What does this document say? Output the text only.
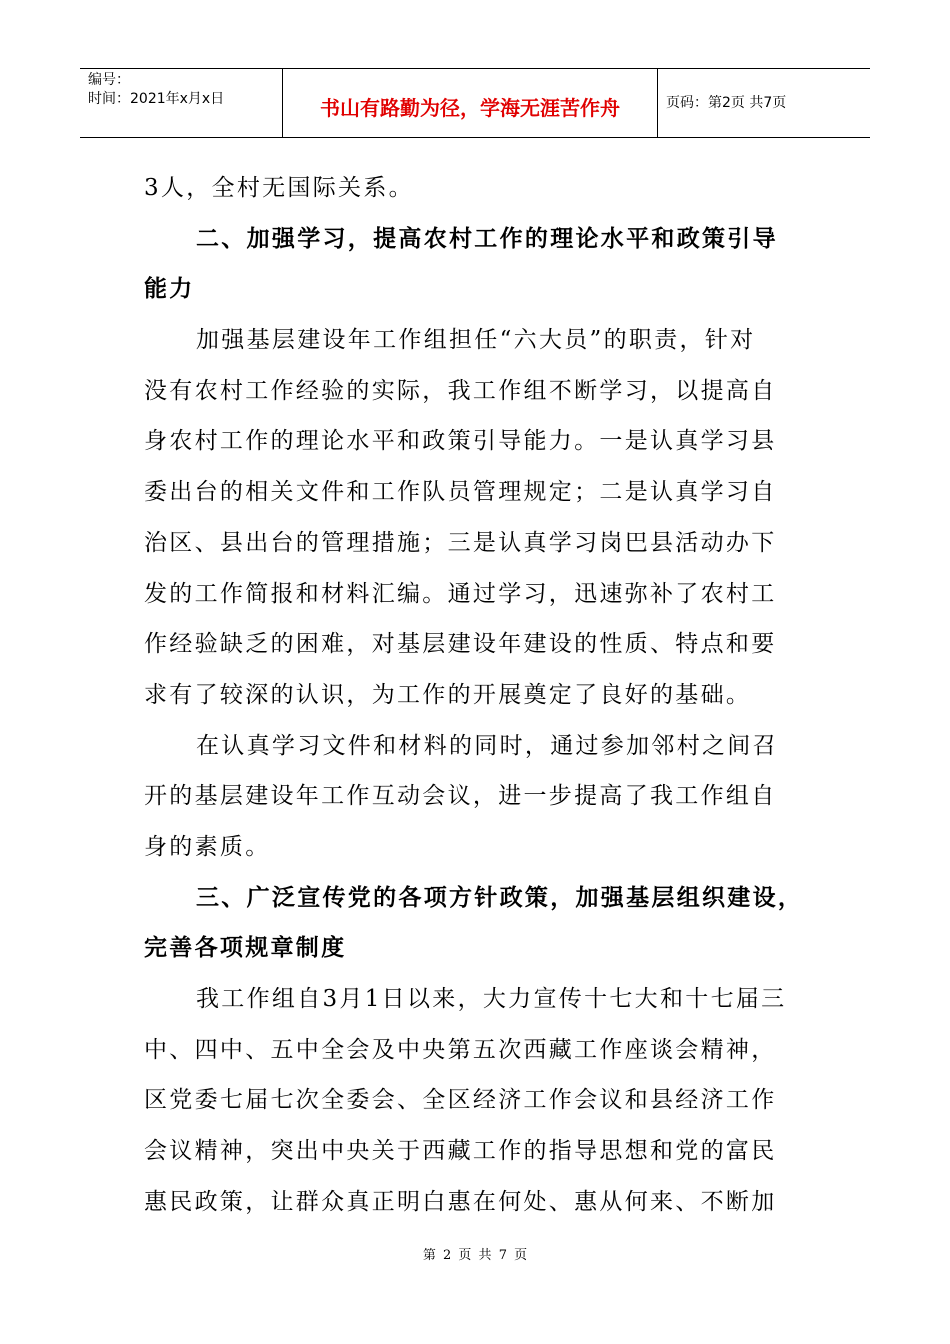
编号：
时间：2021年x月x日	书山有路勤为径，学海无涯苦作舟	页码：第2页 共7页
3人，全村无国际关系。
二、加强学习，提高农村工作的理论水平和政策引导
能力
加强基层建设年工作组担任“六大员”的职责，针对
没有农村工作经验的实际，我工作组不断学习，以提高自
身农村工作的理论水平和政策引导能力。一是认真学习县
委出台的相关文件和工作队员管理规定；二是认真学习自
治区、县出台的管理措施；三是认真学习岗巴县活动办下
发的工作简报和材料汇编。通过学习，迅速弥补了农村工
作经验缺乏的困难，对基层建设年建设的性质、特点和要
求有了较深的认识，为工作的开展奠定了良好的基础。
在认真学习文件和材料的同时，通过参加邻村之间召
开的基层建设年工作互动会议，进一步提高了我工作组自
身的素质。
三、广泛宣传党的各项方针政策，加强基层组织建设，
完善各项规章制度
我工作组自3月1日以来，大力宣传十七大和十七届三
中、四中、五中全会及中央第五次西藏工作座谈会精神，
区党委七届七次全委会、全区经济工作会议和县经济工作
会议精神，突出中央关于西藏工作的指导思想和党的富民
惠民政策，让群众真正明白惠在何处、惠从何来、不断加
第 2 页 共 7 页
